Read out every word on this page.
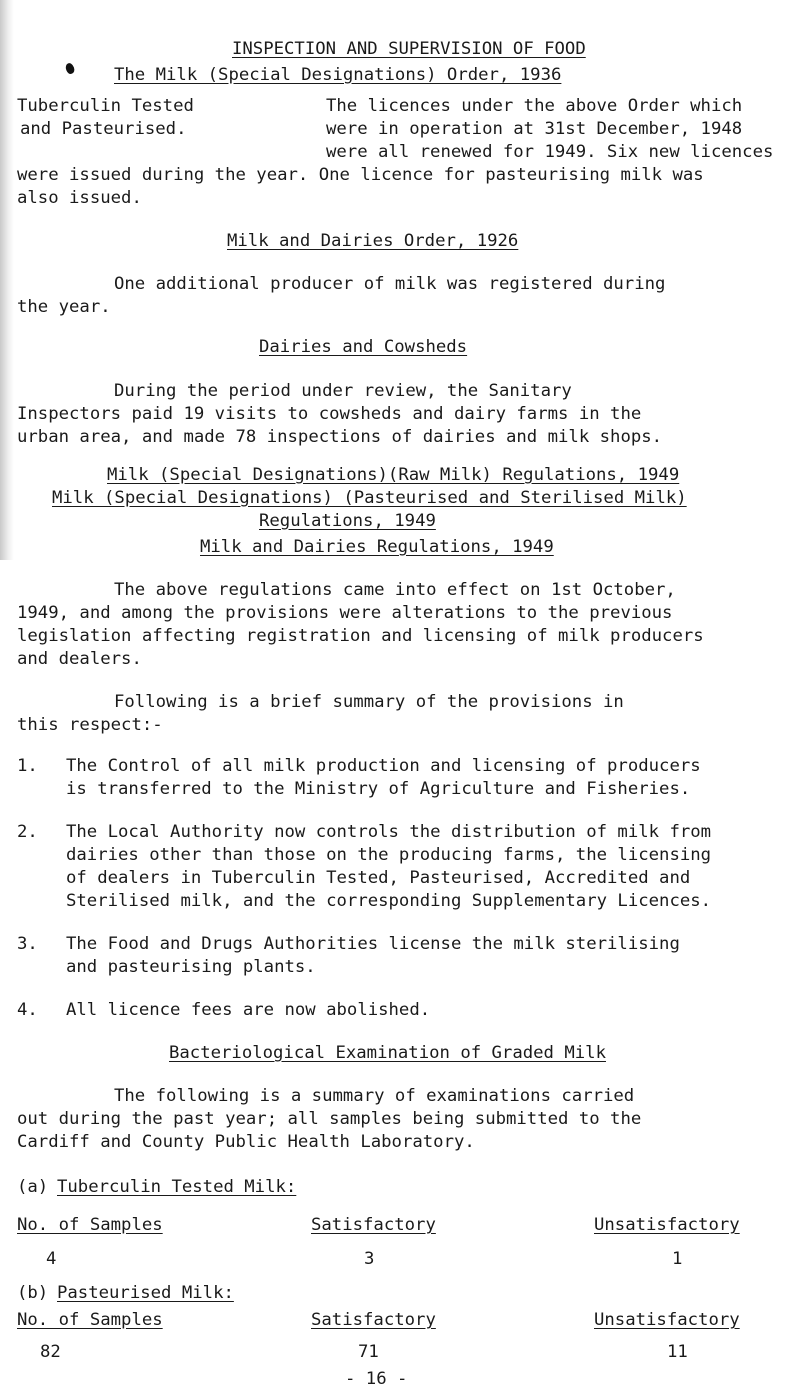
INSPECTION AND SUPERVISION OF FOOD
The Milk (Special Designations) Order, 1936
Tuberculin Tested
and Pasteurised.
The licences under the above Order which
were in operation at 31st December, 1948
were all renewed for 1949. Six new licences
were issued during the year. One licence for pasteurising milk was
also issued.
Milk and Dairies Order, 1926
One additional producer of milk was registered during
the year.
Dairies and Cowsheds
During the period under review, the Sanitary
Inspectors paid 19 visits to cowsheds and dairy farms in the
urban area, and made 78 inspections of dairies and milk shops.
Milk (Special Designations)(Raw Milk) Regulations, 1949
Milk (Special Designations) (Pasteurised and Sterilised Milk)
Regulations, 1949
Milk and Dairies Regulations, 1949
The above regulations came into effect on 1st October,
1949, and among the provisions were alterations to the previous
legislation affecting registration and licensing of milk producers
and dealers.
Following is a brief summary of the provisions in
this respect:-
1. The Control of all milk production and licensing of producers
is transferred to the Ministry of Agriculture and Fisheries.
2. The Local Authority now controls the distribution of milk from
dairies other than those on the producing farms, the licensing
of dealers in Tuberculin Tested, Pasteurised, Accredited and
Sterilised milk, and the corresponding Supplementary Licences.
3. The Food and Drugs Authorities license the milk sterilising
and pasteurising plants.
4. All licence fees are now abolished.
Bacteriological Examination of Graded Milk
The following is a summary of examinations carried
out during the past year; all samples being submitted to the
Cardiff and County Public Health Laboratory.
(a) Tuberculin Tested Milk:
No. of Samples	Satisfactory	Unsatisfactory
4	3	1
(b) Pasteurised Milk:
No. of Samples	Satisfactory	Unsatisfactory
82	71	11
- 16 -
